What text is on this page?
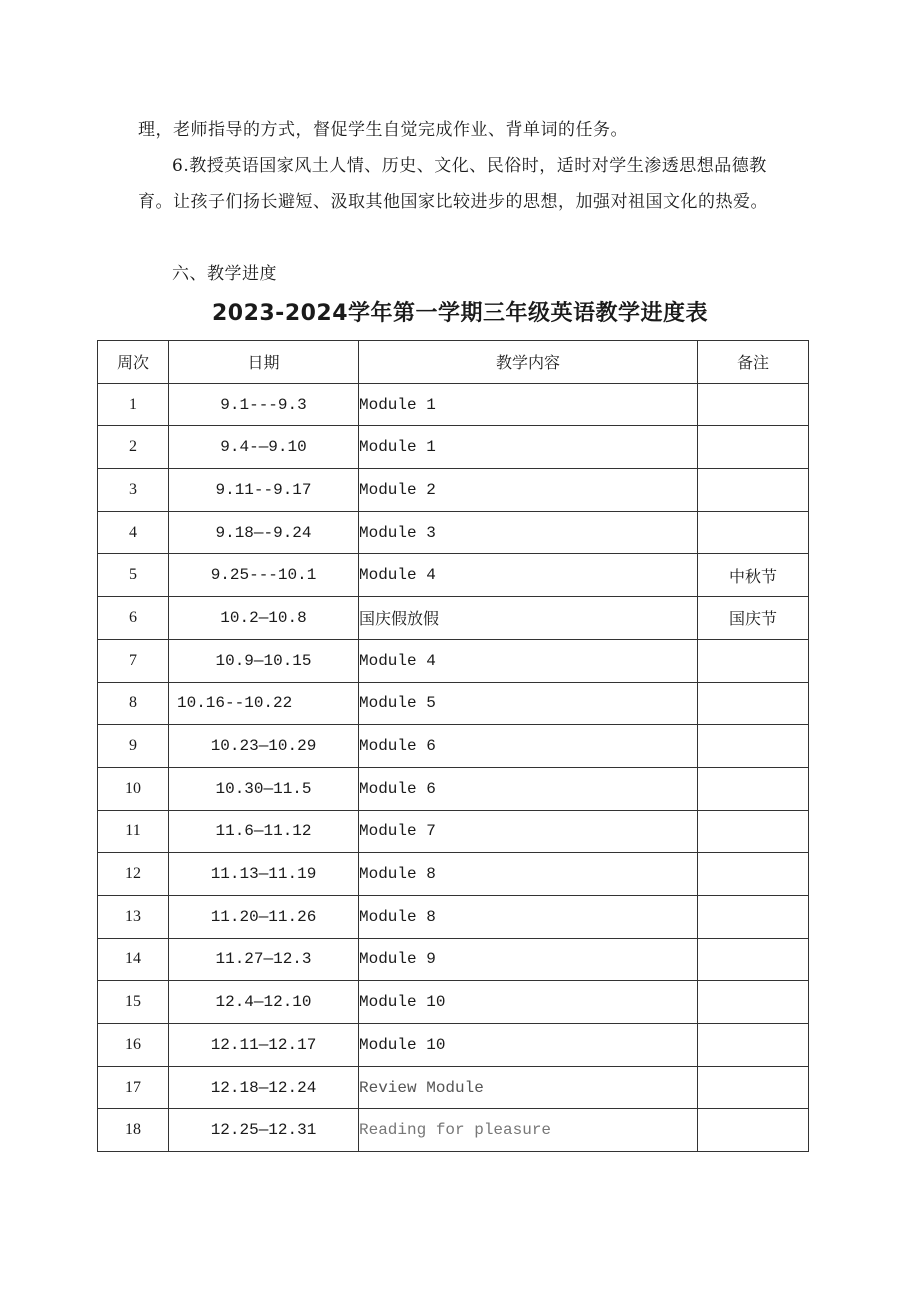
理，老师指导的方式，督促学生自觉完成作业、背单词的任务。

6.教授英语国家风土人情、历史、文化、民俗时，适时对学生渗透思想品德教育。让孩子们扬长避短、汲取其他国家比较进步的思想，加强对祖国文化的热爱。

六、教学进度

2023-2024学年第一学期三年级英语教学进度表
周次	日期	教学内容	备注
1	9.1---9.3	Module 1	
2	9.4-—9.10	Module 1	
3	9.11--9.17	Module 2	
4	9.18—-9.24	Module 3	
5	9.25---10.1	Module 4	中秋节
6	10.2—10.8	国庆假放假	国庆节
7	10.9—10.15	Module 4	
8	10.16--10.22	Module 5	
9	10.23—10.29	Module 6	
10	10.30—11.5	Module 6	
11	11.6—11.12	Module 7	
12	11.13—11.19	Module 8	
13	11.20—11.26	Module 8	
14	11.27—12.3	Module 9	
15	12.4—12.10	Module 10	
16	12.11—12.17	Module 10	
17	12.18—12.24	Review Module	
18	12.25—12.31	Reading for pleasure	
